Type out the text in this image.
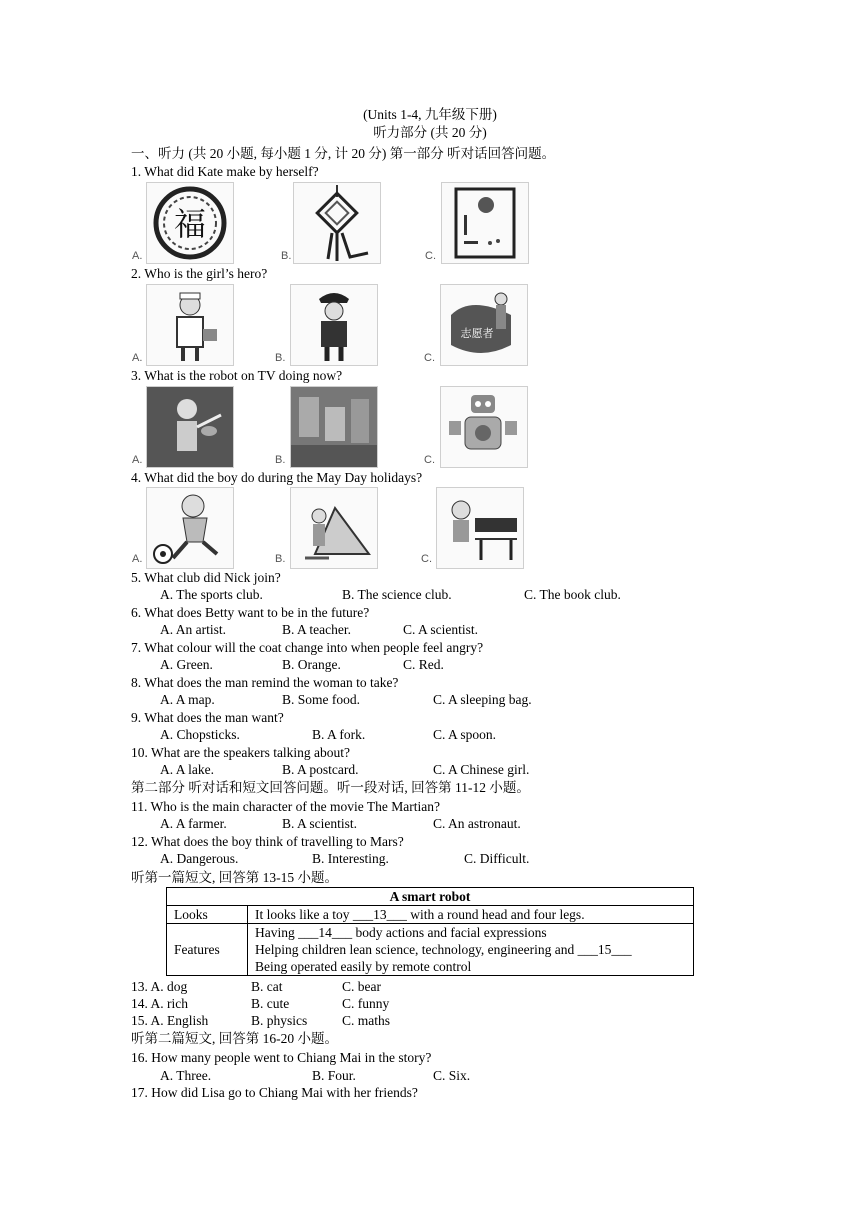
(Units 1-4, 九年级下册)
听力部分 (共 20 分)
一、听力 (共 20 小题, 每小题 1 分, 计 20 分) 第一部分 听对话回答问题。
1. What did Kate make by herself?
A.
福
B.	C.
2. Who is the girl’s hero?
A.	B.	C.
志愿者
3. What is the robot on TV doing now?
A.	B.	C.
4. What did the boy do during the May Day holidays?
A.	B.	C.
5. What club did Nick join?
A. The sports club.	B. The science club.	C. The book club.
6. What does Betty want to be in the future?
A. An artist.	B. A teacher.	C. A scientist.
7. What colour will the coat change into when people feel angry?
A. Green.	B. Orange.	C. Red.
8. What does the man remind the woman to take?
A. A map.	B. Some food.	C. A sleeping bag.
9. What does the man want?
A. Chopsticks.	B. A fork.	C. A spoon.
10. What are the speakers talking about?
A. A lake.	B. A postcard.	C. A Chinese girl.
第二部分 听对话和短文回答问题。听一段对话, 回答第 11-12 小题。
11. Who is the main character of the movie The Martian?
A. A farmer.	B. A scientist.	C. An astronaut.
12. What does the boy think of travelling to Mars?
A. Dangerous.	B. Interesting.	C. Difficult.
听第一篇短文, 回答第 13-15 小题。
A smart robot	
Looks	It looks like a toy ___13___ with a round head and four legs.
Features	Having ___14___ body actions and facial expressions
Helping children lean science, technology, engineering and ___15___
Being operated easily by remote control
13. A. dog	B. cat	C. bear
14. A. rich	B. cute	C. funny
15. A. English	B. physics	C. maths
听第二篇短文, 回答第 16-20 小题。
16. How many people went to Chiang Mai in the story?
A. Three.	B. Four.	C. Six.
17. How did Lisa go to Chiang Mai with her friends?
